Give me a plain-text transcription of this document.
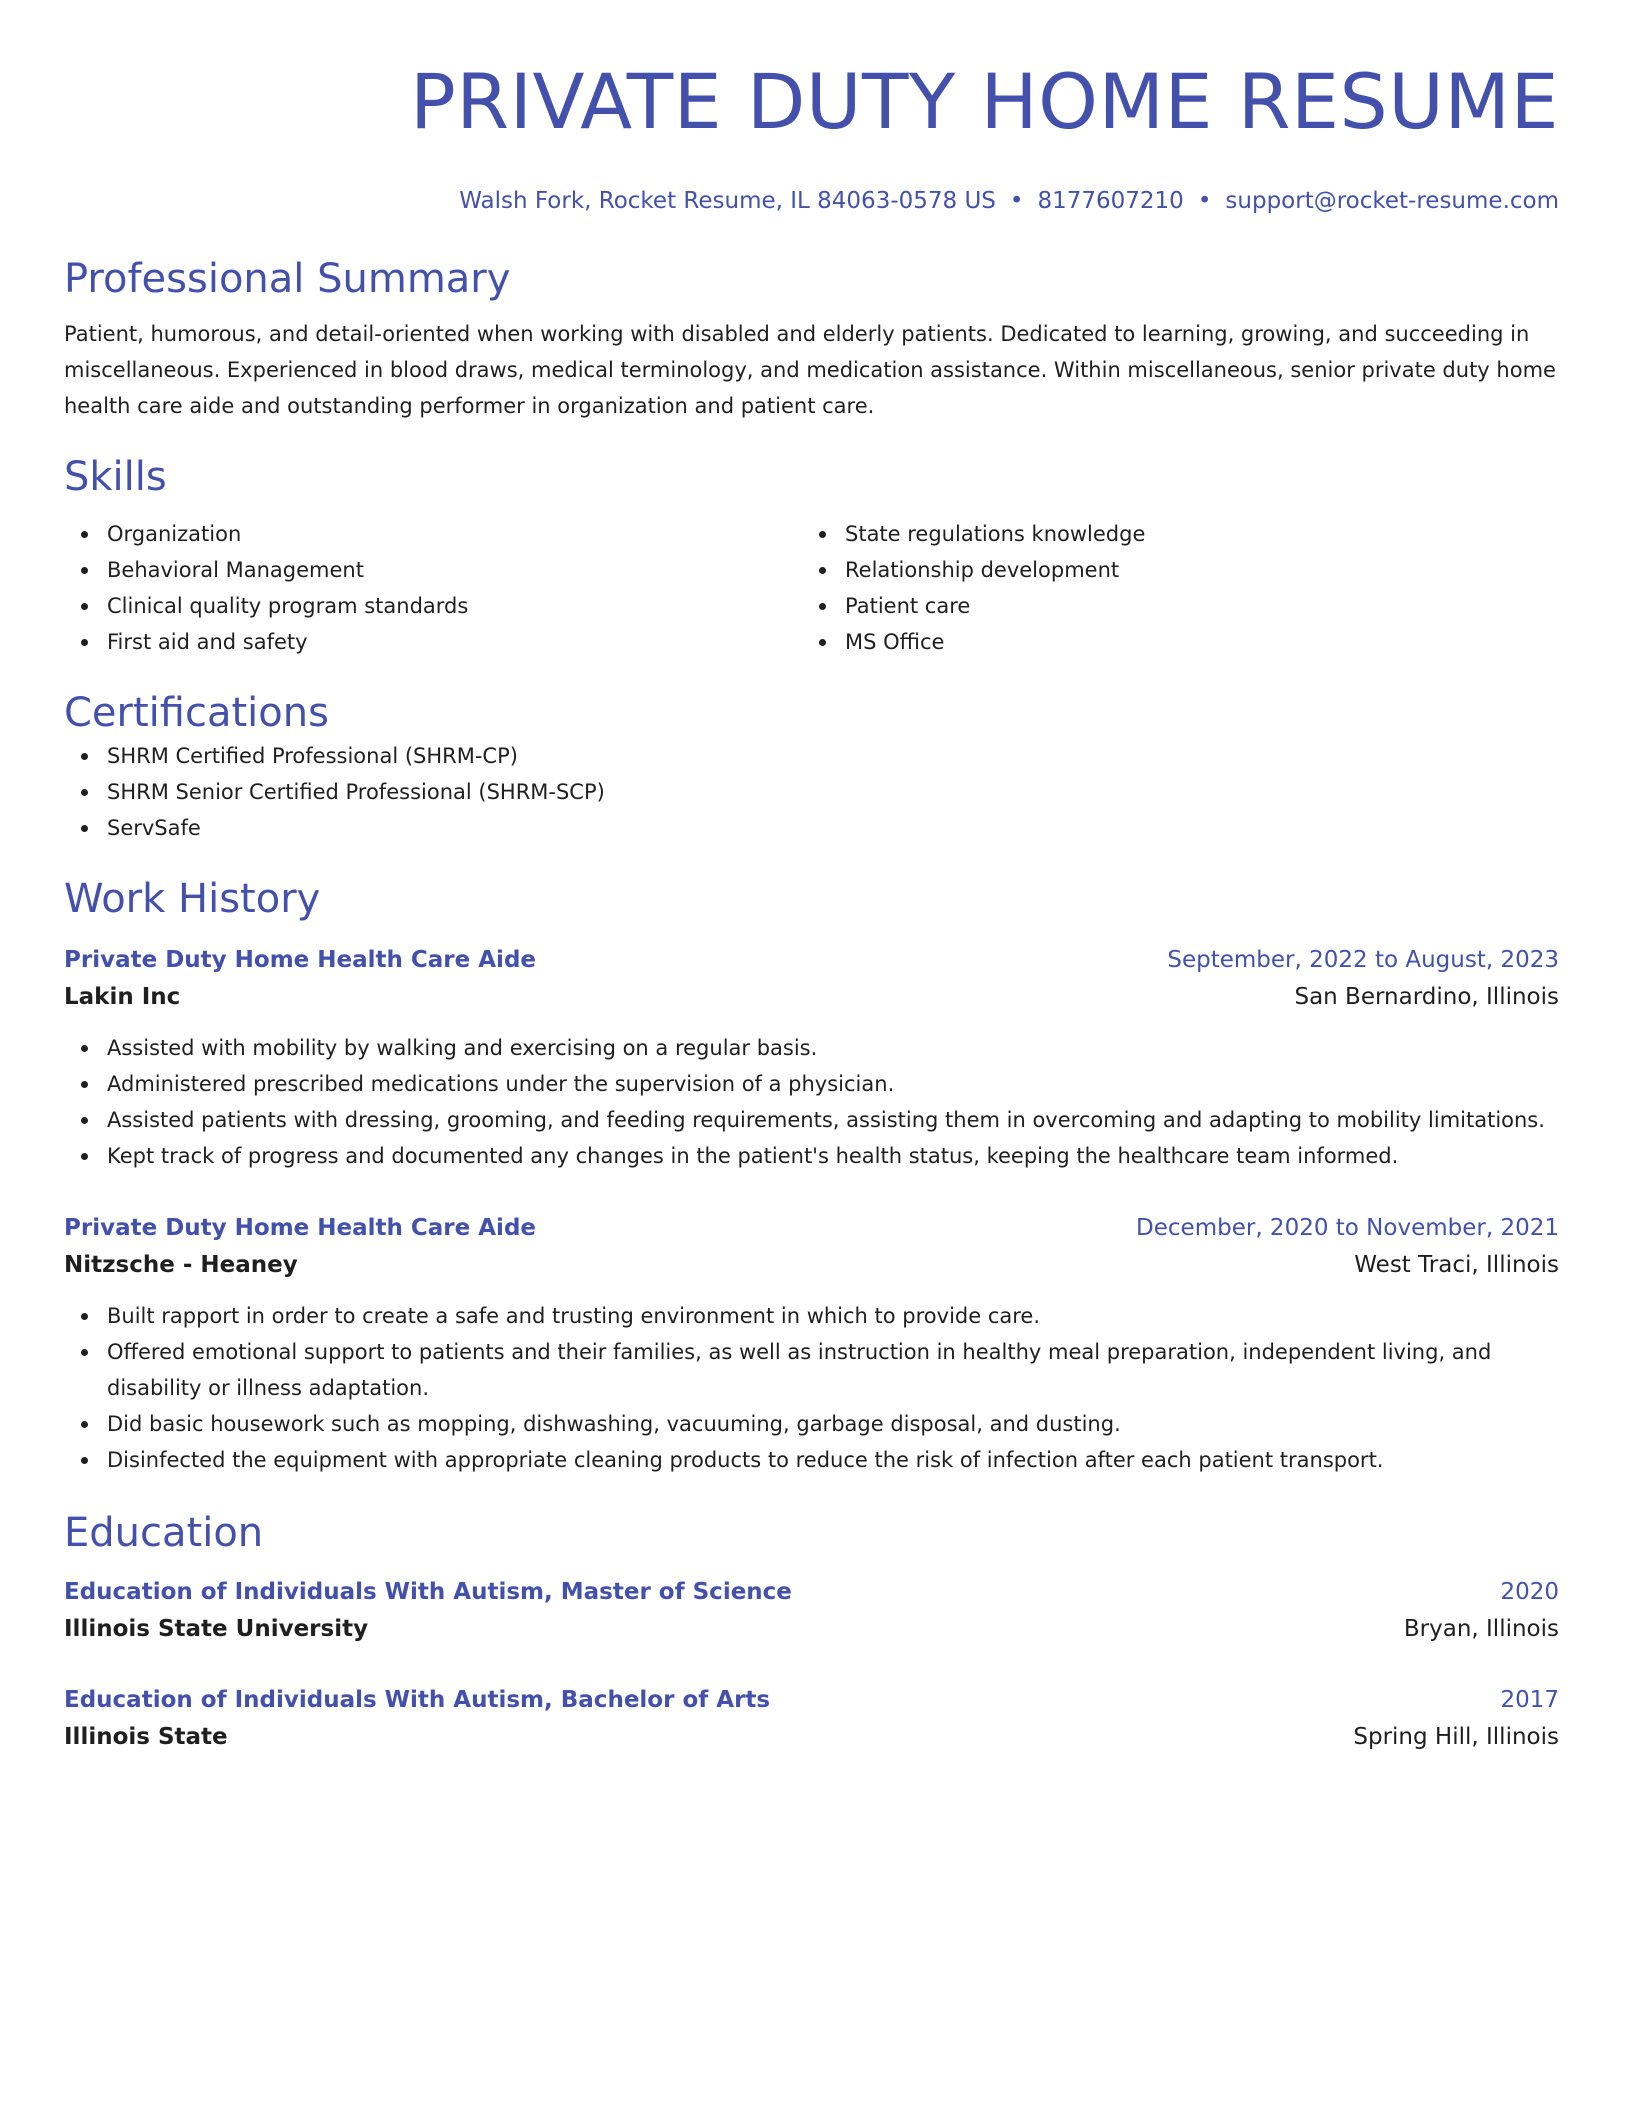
PRIVATE DUTY HOME RESUME
Walsh Fork, Rocket Resume, IL 84063-0578 US • 8177607210 • support@rocket-resume.com
Professional Summary

Patient, humorous, and detail-oriented when working with disabled and elderly patients. Dedicated to learning, growing, and succeeding in miscellaneous. Experienced in blood draws, medical terminology, and medication assistance. Within miscellaneous, senior private duty home health care aide and outstanding performer in organization and patient care.

Skills
Organization
Behavioral Management
Clinical quality program standards
First aid and safety
State regulations knowledge
Relationship development
Patient care
MS Office
Certifications
SHRM Certified Professional (SHRM-CP)
SHRM Senior Certified Professional (SHRM-SCP)
ServSafe
Work History
Private Duty Home Health Care Aide	September, 2022 to August, 2023
Lakin Inc	San Bernardino, Illinois
Assisted with mobility by walking and exercising on a regular basis.
Administered prescribed medications under the supervision of a physician.
Assisted patients with dressing, grooming, and feeding requirements, assisting them in overcoming and adapting to mobility limitations.
Kept track of progress and documented any changes in the patient's health status, keeping the healthcare team informed.
Private Duty Home Health Care Aide	December, 2020 to November, 2021
Nitzsche - Heaney	West Traci, Illinois
Built rapport in order to create a safe and trusting environment in which to provide care.
Offered emotional support to patients and their families, as well as instruction in healthy meal preparation, independent living, and disability or illness adaptation.
Did basic housework such as mopping, dishwashing, vacuuming, garbage disposal, and dusting.
Disinfected the equipment with appropriate cleaning products to reduce the risk of infection after each patient transport.
Education
Education of Individuals With Autism, Master of Science	2020
Illinois State University	Bryan, Illinois
Education of Individuals With Autism, Bachelor of Arts	2017
Illinois State	Spring Hill, Illinois
